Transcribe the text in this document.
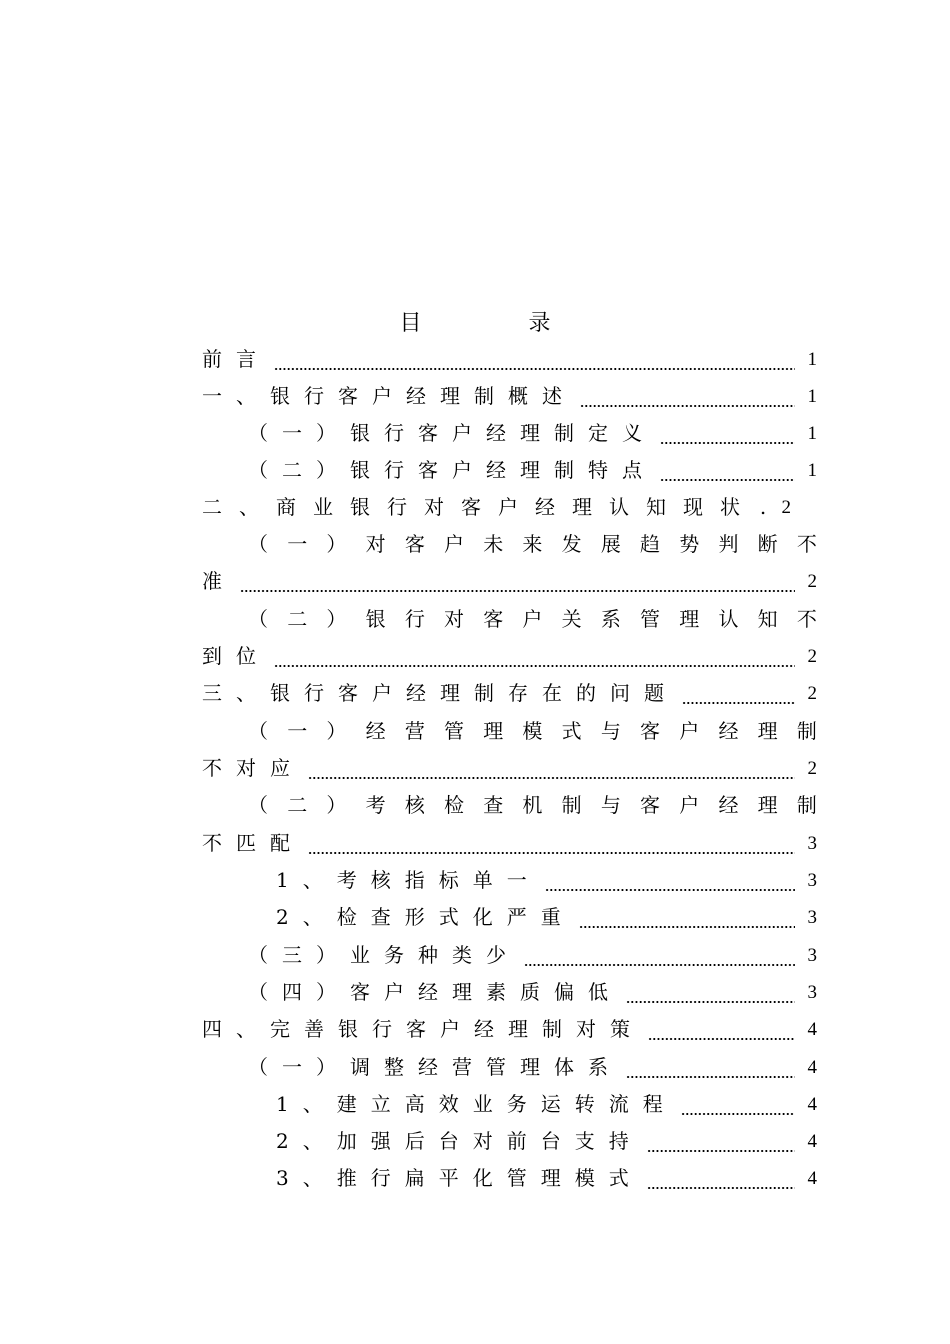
目 录
前言	1
一、银行客户经理制概述	1
（一）银行客户经理制定义	1
（二）银行客户经理制特点	1
二、商业银行对客户经理认知现状 . 2
（ 一 ） 对 客 户 未 来 发 展 趋 势 判 断 不
准	2
（ 二 ） 银 行 对 客 户 关 系 管 理 认 知 不
到位	2
三、银行客户经理制存在的问题	2
（ 一 ） 经 营 管 理 模 式 与 客 户 经 理 制
不对应	2
（ 二 ） 考 核 检 查 机 制 与 客 户 经 理 制
不匹配	3
1、考核指标单一	3
2、检查形式化严重	3
（三）业务种类少	3
（四）客户经理素质偏低	3
四、完善银行客户经理制对策	4
（一）调整经营管理体系	4
1、建立高效业务运转流程	4
2、加强后台对前台支持	4
3、推行扁平化管理模式	4
